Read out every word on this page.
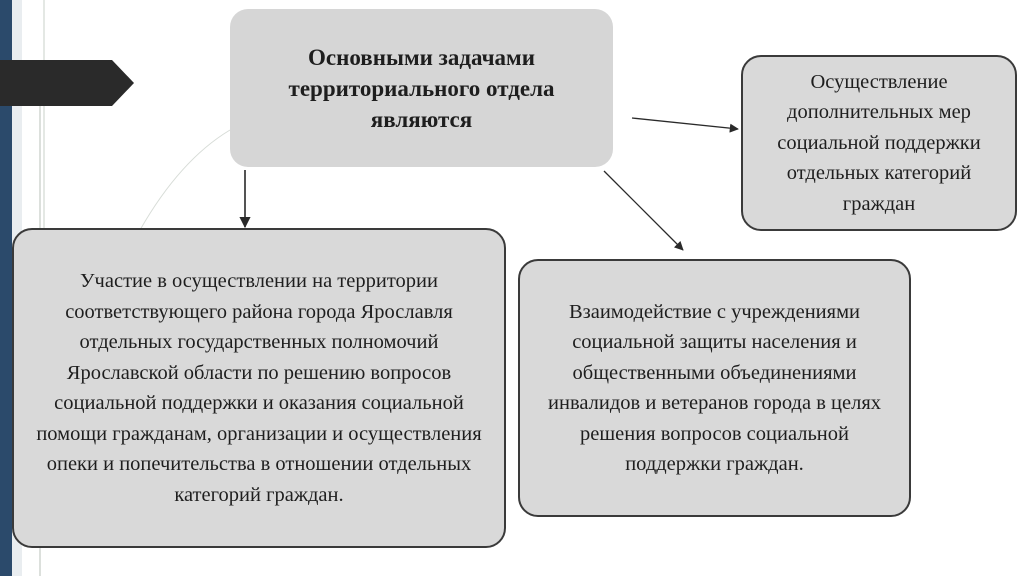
Основными задачами территориального отдела являются
Осуществление дополнительных мер социальной поддержки отдельных категорий граждан
Участие в осуществлении на территории соответствующего района города Ярославля отдельных государственных полномочий Ярославской области по решению вопросов социальной поддержки и оказания социальной помощи гражданам, организации и осуществления опеки и попечительства в отношении отдельных категорий граждан.
Взаимодействие с учреждениями социальной защиты населения и общественными объединениями инвалидов и ветеранов города в целях решения вопросов социальной поддержки граждан.
